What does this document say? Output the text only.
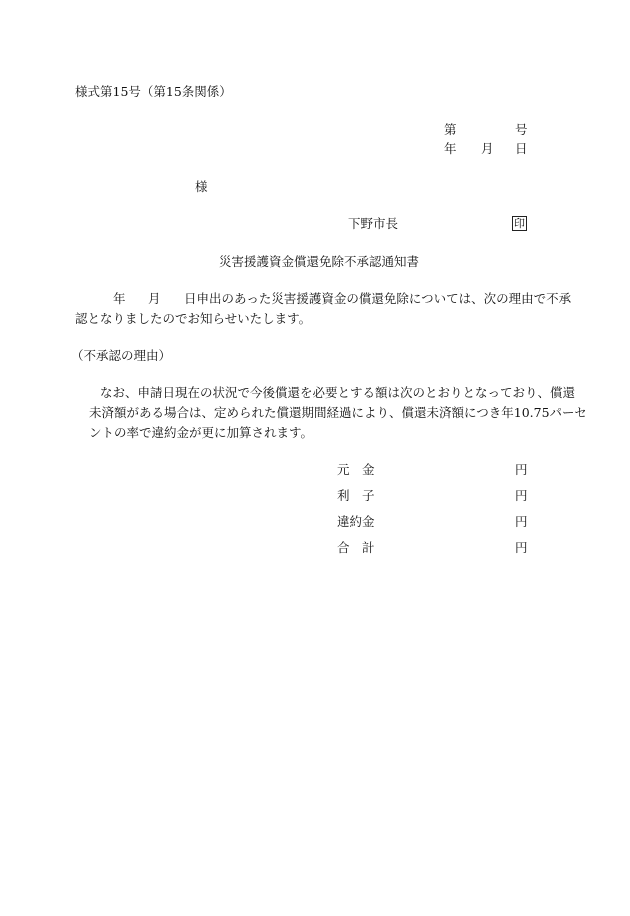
様式第15号（第15条関係）
第	号
年 月 日
様
下野市長	印
災害援護資金償還免除不承認通知書
年 月 日申出のあった災害援護資金の償還免除については、次の理由で不承
認となりましたのでお知らせいたします。
（不承認の理由）
なお、申請日現在の状況で今後償還を必要とする額は次のとおりとなっており、償還
未済額がある場合は、定められた償還期間経過により、償還未済額につき年10.75パーセ
ントの率で違約金が更に加算されます。
元　金	円
利　子	円
違約金	円
合　計	円
